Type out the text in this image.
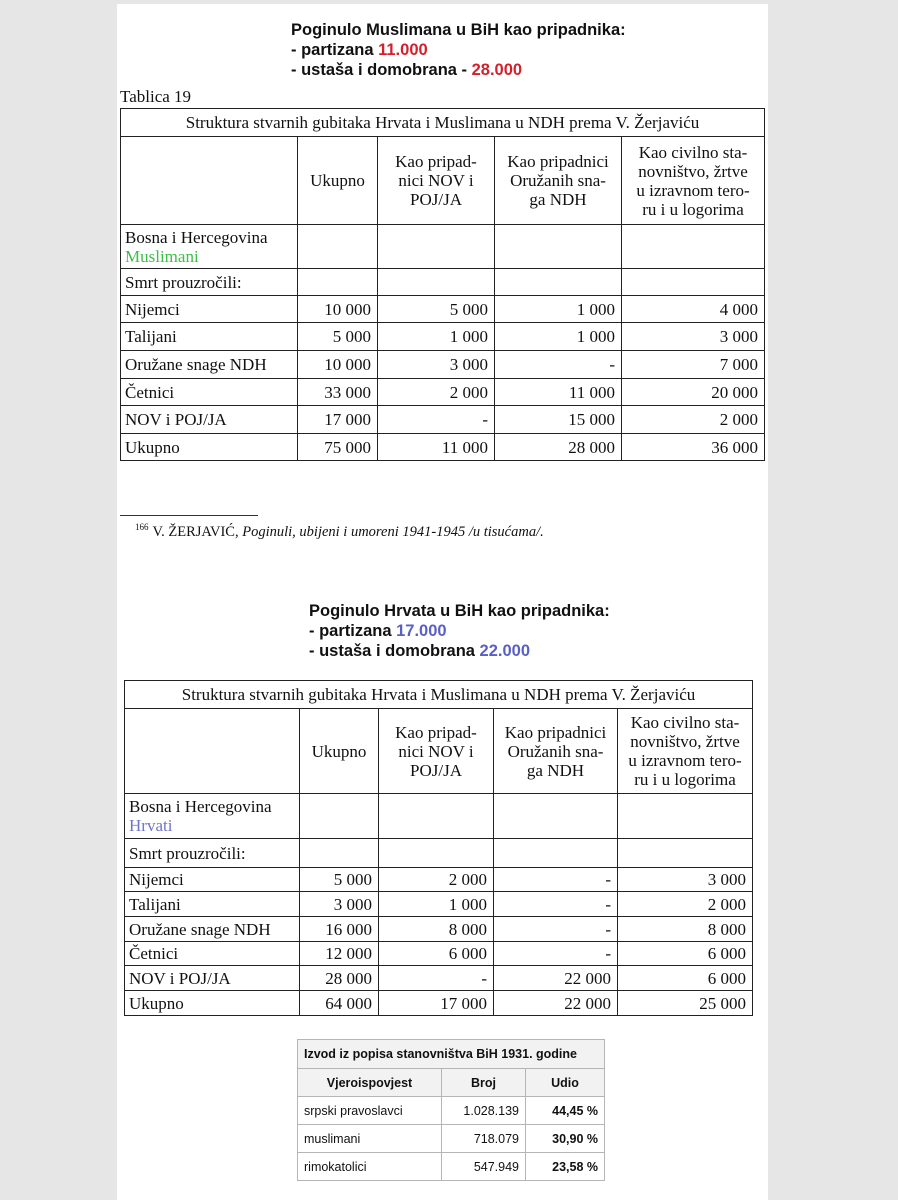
Poginulo Muslimana u BiH kao pripadnika:
- partizana 11.000
- ustaša i domobrana - 28.000
Tablica 19
Struktura stvarnih gubitaka Hrvata i Muslimana u NDH prema V. Žerjaviću				
	Ukupno	Kao pripad-
nici NOV i
POJ/JA	Kao pripadnici
Oružanih sna-
ga NDH	Kao civilno sta-
novništvo, žrtve
u izravnom tero-
ru i u logorima

Bosna i Hercegovina
Muslimani				

Smrt prouzročili:				
Nijemci	10 000	5 000	1 000	4 000
Talijani	5 000	1 000	1 000	3 000
Oružane snage NDH	10 000	3 000	-	7 000
Četnici	33 000	2 000	11 000	20 000
NOV i POJ/JA	17 000	-	15 000	2 000
Ukupno	75 000	11 000	28 000	36 000
$^{166}$ V. ŽERJAVIĆ, Poginuli, ubijeni i umoreni 1941-1945 /u tisućama/.
Poginulo Hrvata u BiH kao pripadnika:
- partizana 17.000
- ustaša i domobrana 22.000
Struktura stvarnih gubitaka Hrvata i Muslimana u NDH prema V. Žerjaviću				
	Ukupno	Kao pripad-
nici NOV i
POJ/JA	Kao pripadnici
Oružanih sna-
ga NDH	Kao civilno sta-
novništvo, žrtve
u izravnom tero-
ru i u logorima

Bosna i Hercegovina
Hrvati				

Smrt prouzročili:				
Nijemci	5 000	2 000	-	3 000
Talijani	3 000	1 000	-	2 000
Oružane snage NDH	16 000	8 000	-	8 000
Četnici	12 000	6 000	-	6 000
NOV i POJ/JA	28 000	-	22 000	6 000
Ukupno	64 000	17 000	22 000	25 000
Izvod iz popisa stanovništva BiH 1931. godine		
Vjeroispovjest	Broj	Udio
srpski pravoslavci	1.028.139	44,45 %
muslimani	718.079	30,90 %
rimokatolici	547.949	23,58 %
